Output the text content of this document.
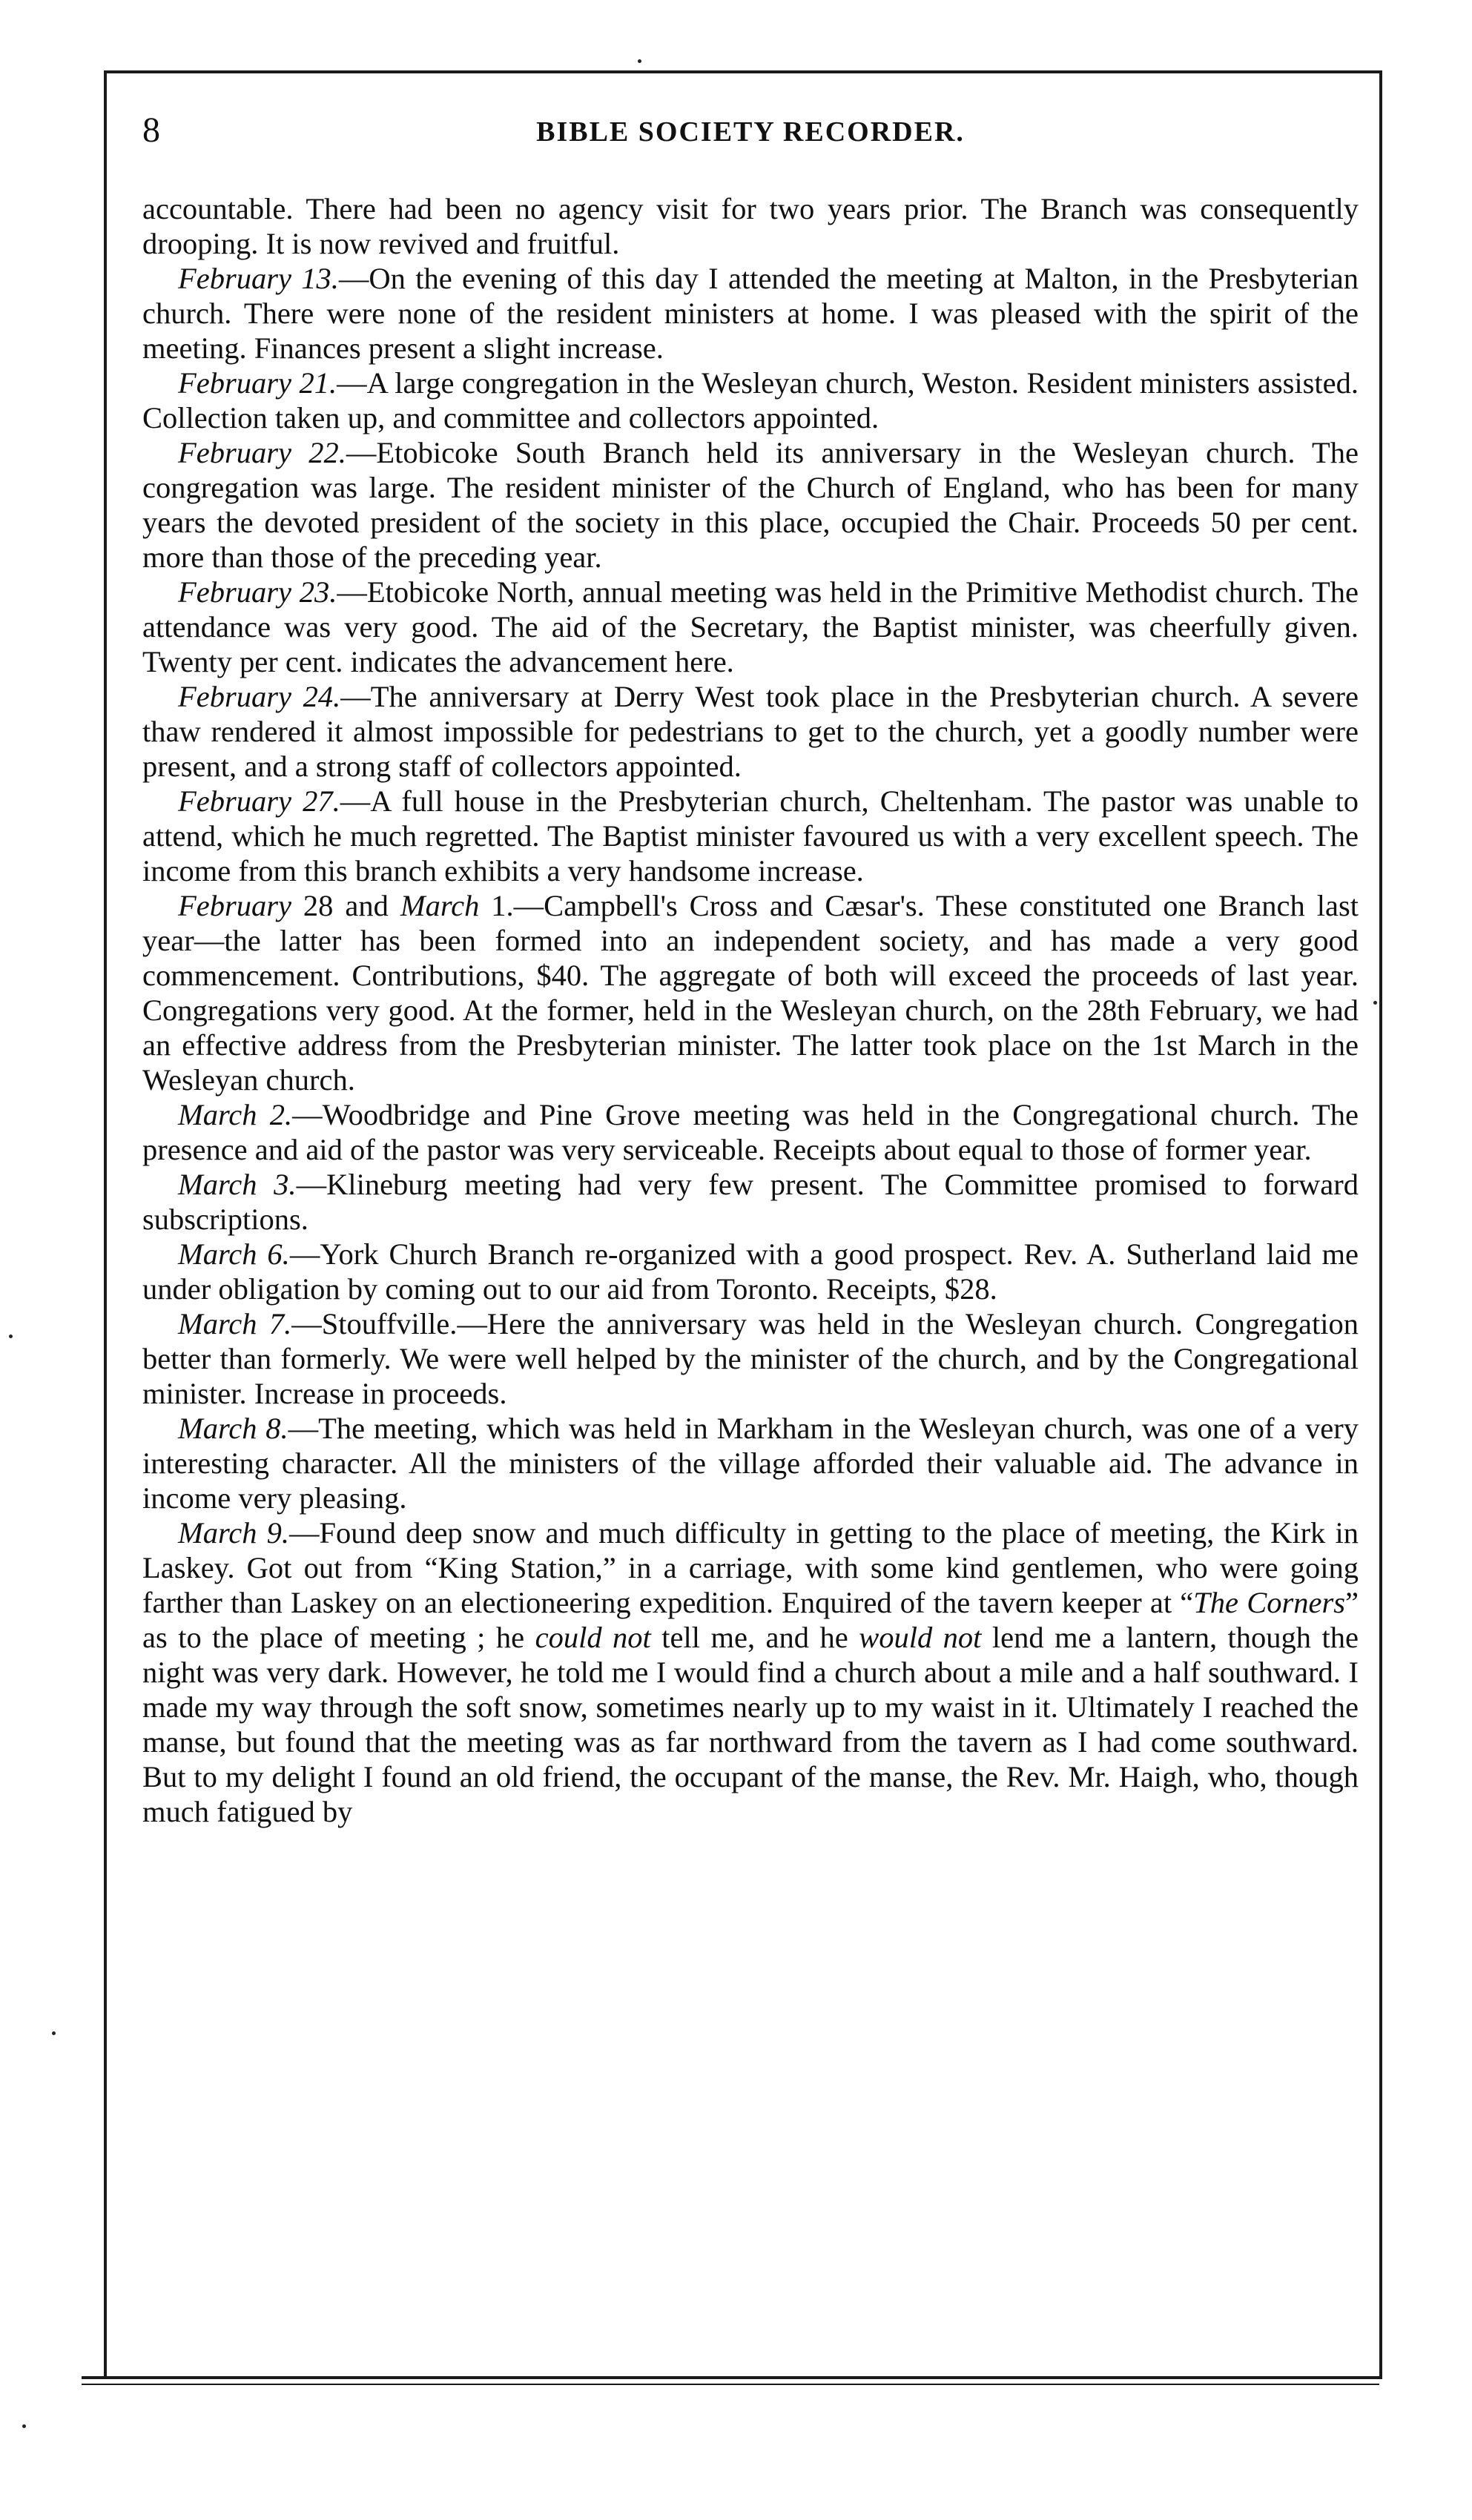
8	BIBLE SOCIETY RECORDER.

accountable. There had been no agency visit for two years prior. The Branch was consequently drooping. It is now revived and fruitful.

February 13.—On the evening of this day I attended the meeting at Malton, in the Presbyterian church. There were none of the resident ministers at home. I was pleased with the spirit of the meeting. Finances present a slight increase.

February 21.—A large congregation in the Wesleyan church, Weston. Resident ministers assisted. Collection taken up, and committee and collectors appointed.

February 22.—Etobicoke South Branch held its anniversary in the Wesleyan church. The congregation was large. The resident minister of the Church of England, who has been for many years the devoted president of the society in this place, occupied the Chair. Proceeds 50 per cent. more than those of the preceding year.

February 23.—Etobicoke North, annual meeting was held in the Primitive Methodist church. The attendance was very good. The aid of the Secretary, the Baptist minister, was cheerfully given. Twenty per cent. indicates the advancement here.

February 24.—The anniversary at Derry West took place in the Presbyterian church. A severe thaw rendered it almost impossible for pedestrians to get to the church, yet a goodly number were present, and a strong staff of collectors appointed.

February 27.—A full house in the Presbyterian church, Cheltenham. The pastor was unable to attend, which he much regretted. The Baptist minister favoured us with a very excellent speech. The income from this branch exhibits a very handsome increase.

February 28 and March 1.—Campbell's Cross and Cæsar's. These constituted one Branch last year—the latter has been formed into an independent society, and has made a very good commencement. Contributions, $40. The aggregate of both will exceed the proceeds of last year. Congregations very good. At the former, held in the Wesleyan church, on the 28th February, we had an effective address from the Presbyterian minister. The latter took place on the 1st March in the Wesleyan church.

March 2.—Woodbridge and Pine Grove meeting was held in the Congregational church. The presence and aid of the pastor was very serviceable. Receipts about equal to those of former year.

March 3.—Klineburg meeting had very few present. The Committee promised to forward subscriptions.

March 6.—York Church Branch re-organized with a good prospect. Rev. A. Sutherland laid me under obligation by coming out to our aid from Toronto. Receipts, $28.

March 7.—Stouffville.—Here the anniversary was held in the Wesleyan church. Congregation better than formerly. We were well helped by the minister of the church, and by the Congregational minister. Increase in proceeds.

March 8.—The meeting, which was held in Markham in the Wesleyan church, was one of a very interesting character. All the ministers of the village afforded their valuable aid. The advance in income very pleasing.

March 9.—Found deep snow and much difficulty in getting to the place of meeting, the Kirk in Laskey. Got out from “King Station,” in a carriage, with some kind gentlemen, who were going farther than Laskey on an electioneering expedition. Enquired of the tavern keeper at “The Corners” as to the place of meeting ; he could not tell me, and he would not lend me a lantern, though the night was very dark. However, he told me I would find a church about a mile and a half southward. I made my way through the soft snow, sometimes nearly up to my waist in it. Ultimately I reached the manse, but found that the meeting was as far northward from the tavern as I had come southward. But to my delight I found an old friend, the occupant of the manse, the Rev. Mr. Haigh, who, though much fatigued by
